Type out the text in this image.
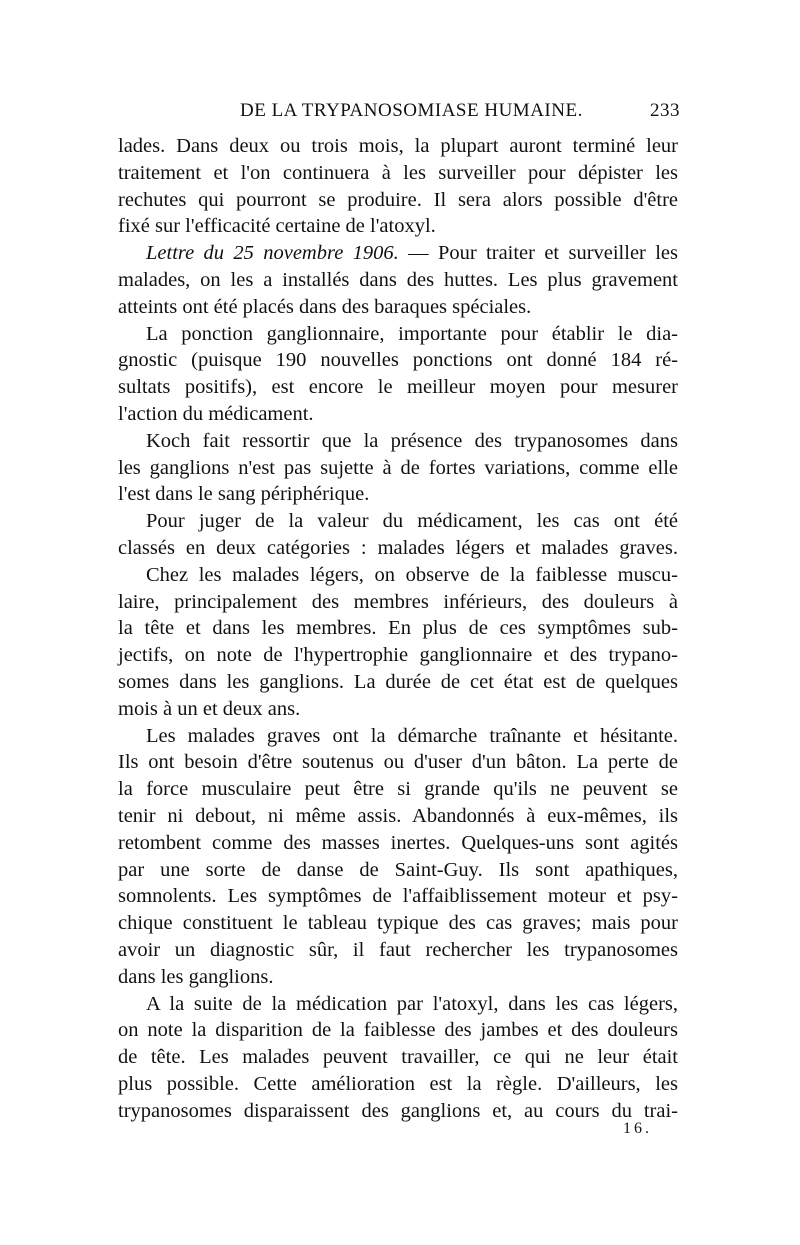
DE LA TRYPANOSOMIASE HUMAINE.	233
lades. Dans deux ou trois mois, la plupart auront terminé leur
traitement et l'on continuera à les surveiller pour dépister les
rechutes qui pourront se produire. Il sera alors possible d'être
fixé sur l'efficacité certaine de l'atoxyl.
Lettre du 25 novembre 1906. — Pour traiter et surveiller les
malades, on les a installés dans des huttes. Les plus gravement
atteints ont été placés dans des baraques spéciales.
La ponction ganglionnaire, importante pour établir le dia-
gnostic (puisque 190 nouvelles ponctions ont donné 184 ré-
sultats positifs), est encore le meilleur moyen pour mesurer
l'action du médicament.
Koch fait ressortir que la présence des trypanosomes dans
les ganglions n'est pas sujette à de fortes variations, comme elle
l'est dans le sang périphérique.
Pour juger de la valeur du médicament, les cas ont été
classés en deux catégories : malades légers et malades graves.
Chez les malades légers, on observe de la faiblesse muscu-
laire, principalement des membres inférieurs, des douleurs à
la tête et dans les membres. En plus de ces symptômes sub-
jectifs, on note de l'hypertrophie ganglionnaire et des trypano-
somes dans les ganglions. La durée de cet état est de quelques
mois à un et deux ans.
Les malades graves ont la démarche traînante et hésitante.
Ils ont besoin d'être soutenus ou d'user d'un bâton. La perte de
la force musculaire peut être si grande qu'ils ne peuvent se
tenir ni debout, ni même assis. Abandonnés à eux-mêmes, ils
retombent comme des masses inertes. Quelques-uns sont agités
par une sorte de danse de Saint-Guy. Ils sont apathiques,
somnolents. Les symptômes de l'affaiblissement moteur et psy-
chique constituent le tableau typique des cas graves; mais pour
avoir un diagnostic sûr, il faut rechercher les trypanosomes
dans les ganglions.
A la suite de la médication par l'atoxyl, dans les cas légers,
on note la disparition de la faiblesse des jambes et des douleurs
de tête. Les malades peuvent travailler, ce qui ne leur était
plus possible. Cette amélioration est la règle. D'ailleurs, les
trypanosomes disparaissent des ganglions et, au cours du trai-
16.
